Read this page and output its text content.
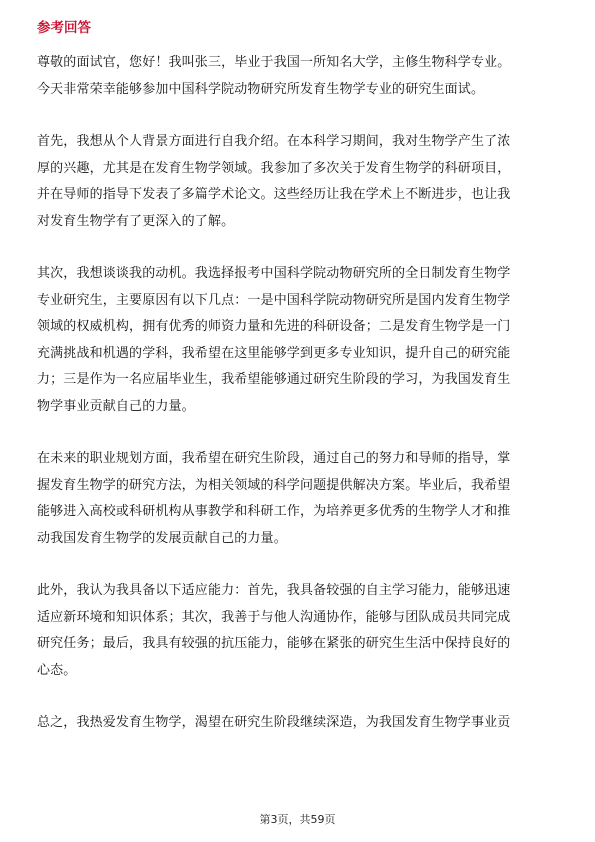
参考回答

尊敬的面试官，您好！我叫张三，毕业于我国一所知名大学，主修生物科学专业。
今天非常荣幸能够参加中国科学院动物研究所发育生物学专业的研究生面试。

首先，我想从个人背景方面进行自我介绍。在本科学习期间，我对生物学产生了浓
厚的兴趣，尤其是在发育生物学领域。我参加了多次关于发育生物学的科研项目，
并在导师的指导下发表了多篇学术论文。这些经历让我在学术上不断进步，也让我
对发育生物学有了更深入的了解。

其次，我想谈谈我的动机。我选择报考中国科学院动物研究所的全日制发育生物学
专业研究生，主要原因有以下几点：一是中国科学院动物研究所是国内发育生物学
领域的权威机构，拥有优秀的师资力量和先进的科研设备；二是发育生物学是一门
充满挑战和机遇的学科，我希望在这里能够学到更多专业知识，提升自己的研究能
力；三是作为一名应届毕业生，我希望能够通过研究生阶段的学习，为我国发育生
物学事业贡献自己的力量。

在未来的职业规划方面，我希望在研究生阶段，通过自己的努力和导师的指导，掌
握发育生物学的研究方法，为相关领域的科学问题提供解决方案。毕业后，我希望
能够进入高校或科研机构从事教学和科研工作，为培养更多优秀的生物学人才和推
动我国发育生物学的发展贡献自己的力量。

此外，我认为我具备以下适应能力：首先，我具备较强的自主学习能力，能够迅速
适应新环境和知识体系；其次，我善于与他人沟通协作，能够与团队成员共同完成
研究任务；最后，我具有较强的抗压能力，能够在紧张的研究生生活中保持良好的
心态。

总之，我热爱发育生物学，渴望在研究生阶段继续深造，为我国发育生物学事业贡

第3页，共59页
